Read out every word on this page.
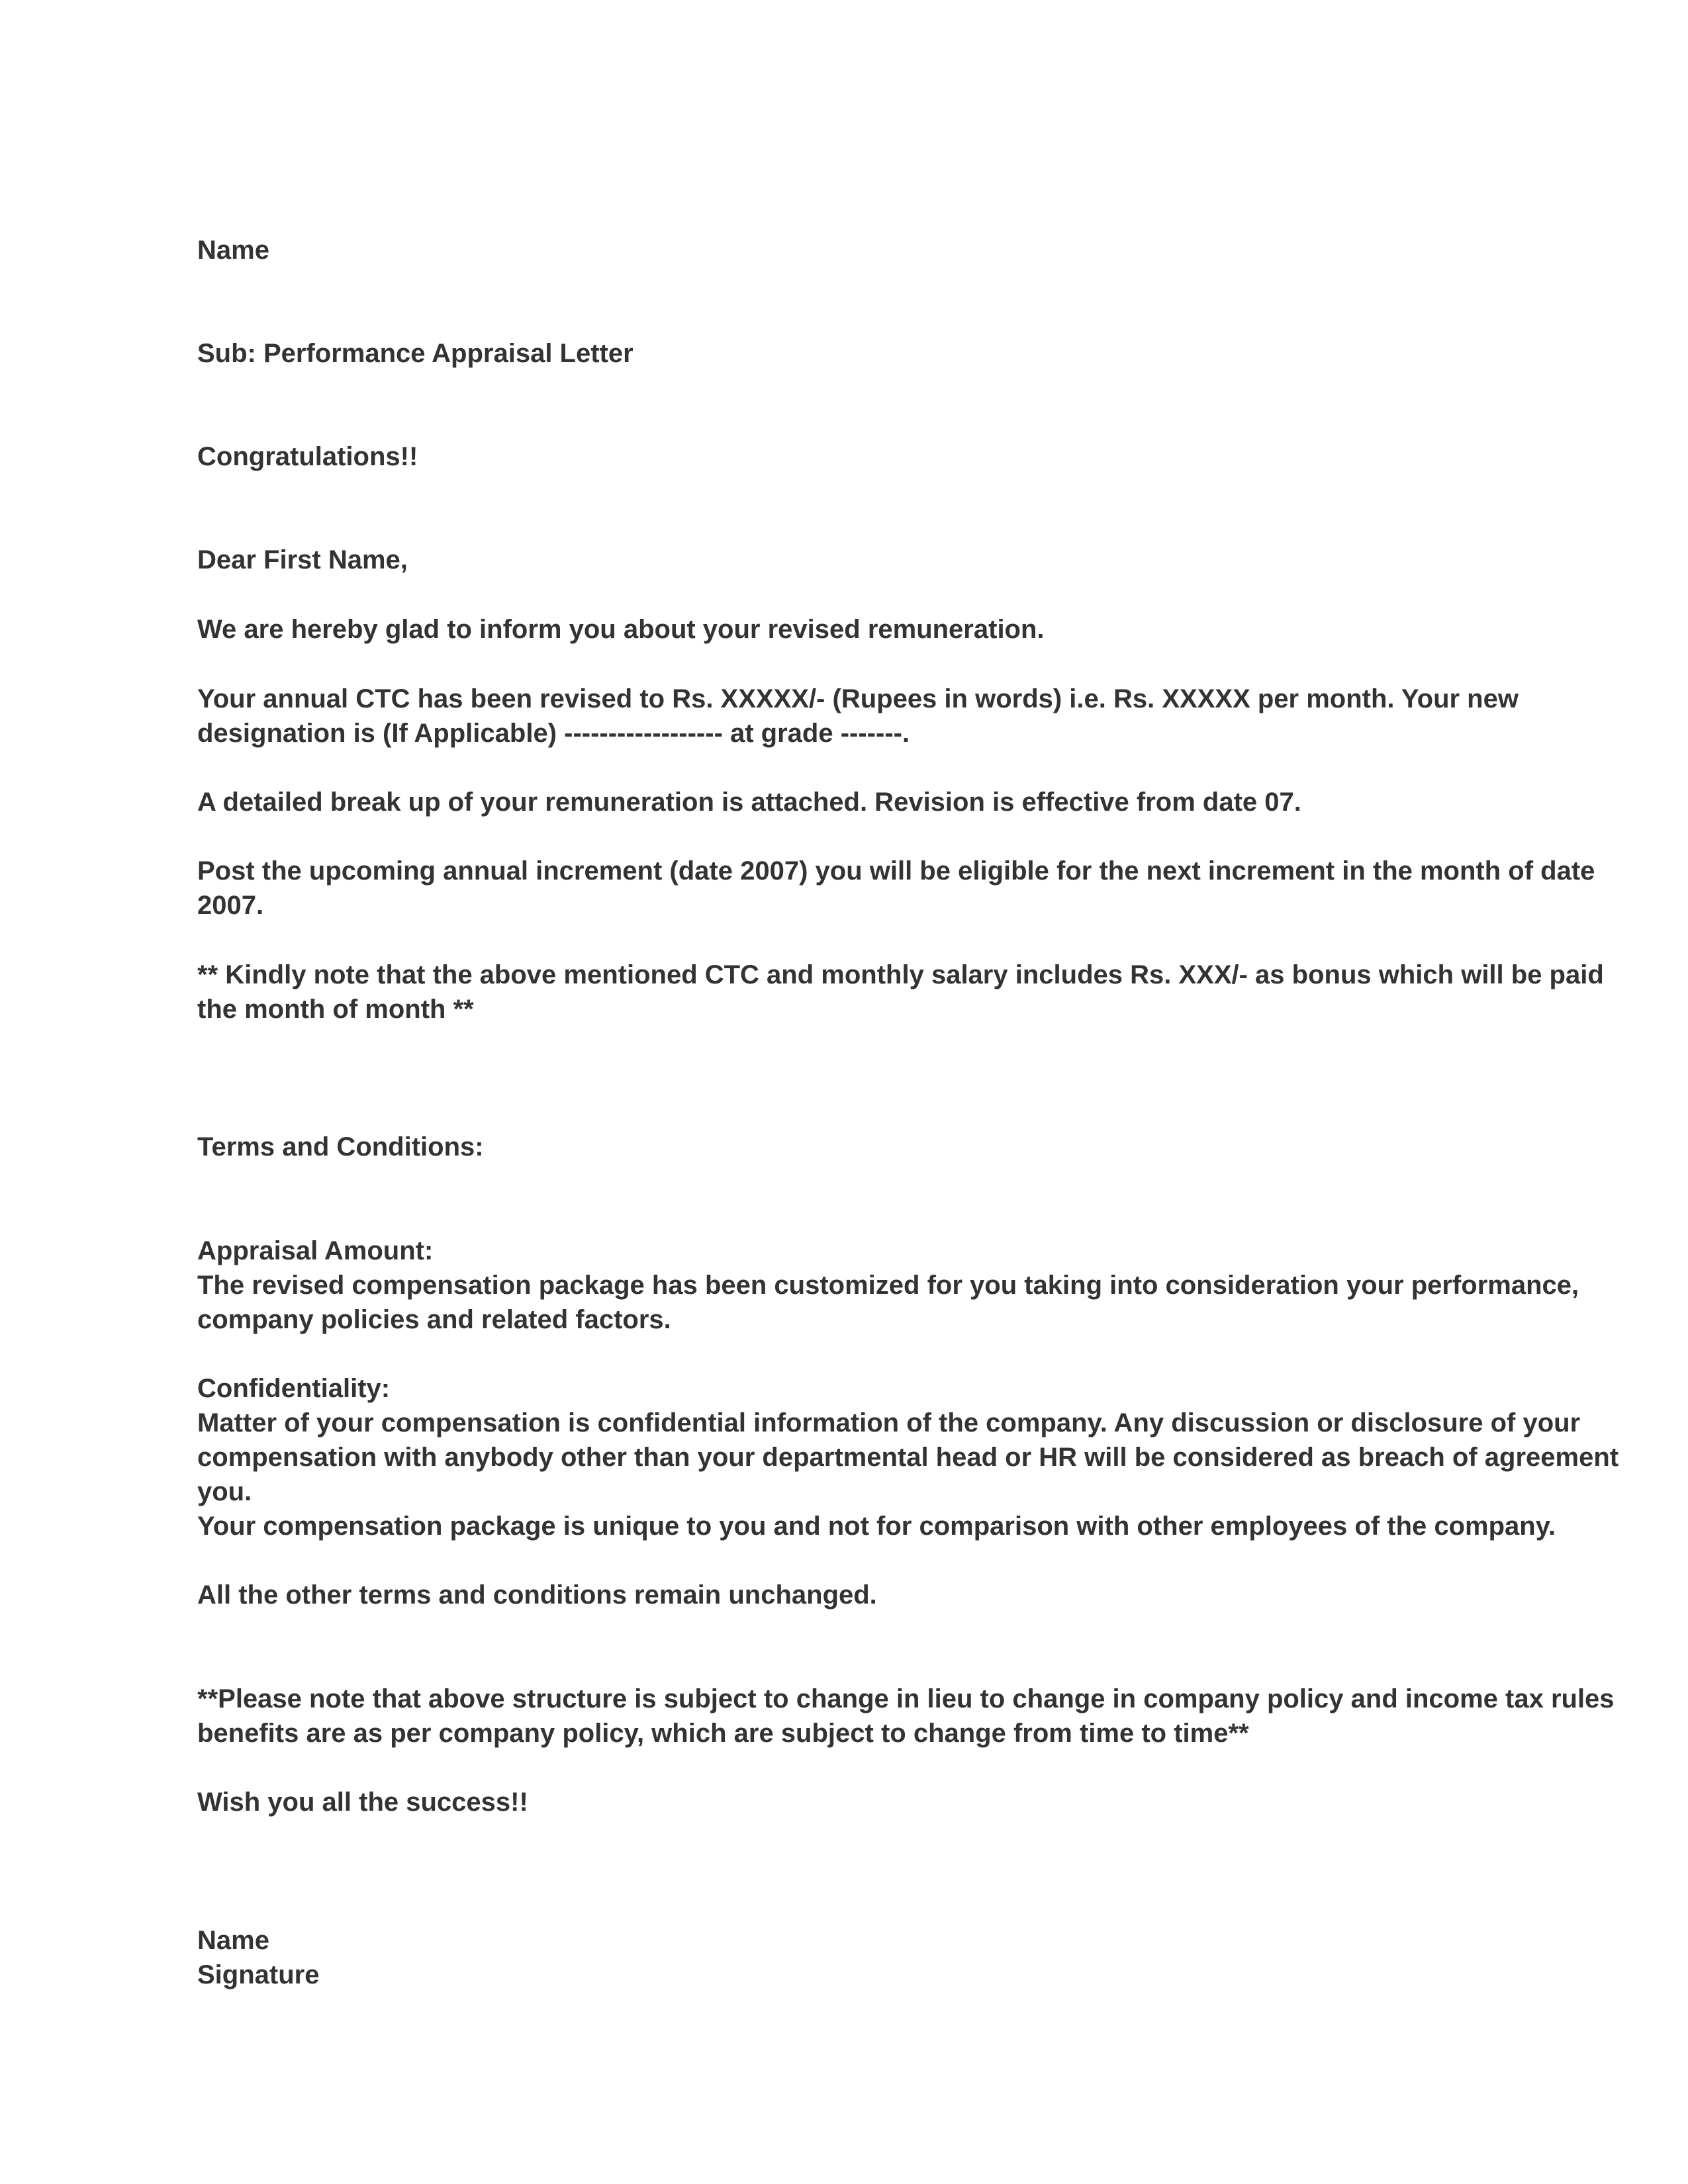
Name

Sub: Performance Appraisal Letter

Congratulations!!

Dear First Name,

We are hereby glad to inform you about your revised remuneration.

Your annual CTC has been revised to Rs. XXXXX/- (Rupees in words) i.e. Rs. XXXXX per month. Your new

designation is (If Applicable) ------------------ at grade -------.

A detailed break up of your remuneration is attached. Revision is effective from date 07.

Post the upcoming annual increment (date 2007) you will be eligible for the next increment in the month of date

2007.

** Kindly note that the above mentioned CTC and monthly salary includes Rs. XXX/- as bonus which will be paid

the month of month **

Terms and Conditions:

Appraisal Amount:

The revised compensation package has been customized for you taking into consideration your performance,

company policies and related factors.

Confidentiality:

Matter of your compensation is confidential information of the company. Any discussion or disclosure of your

compensation with anybody other than your departmental head or HR will be considered as breach of agreement

you.

Your compensation package is unique to you and not for comparison with other employees of the company.

All the other terms and conditions remain unchanged.

**Please note that above structure is subject to change in lieu to change in company policy and income tax rules

benefits are as per company policy, which are subject to change from time to time**

Wish you all the success!!

Name

Signature
